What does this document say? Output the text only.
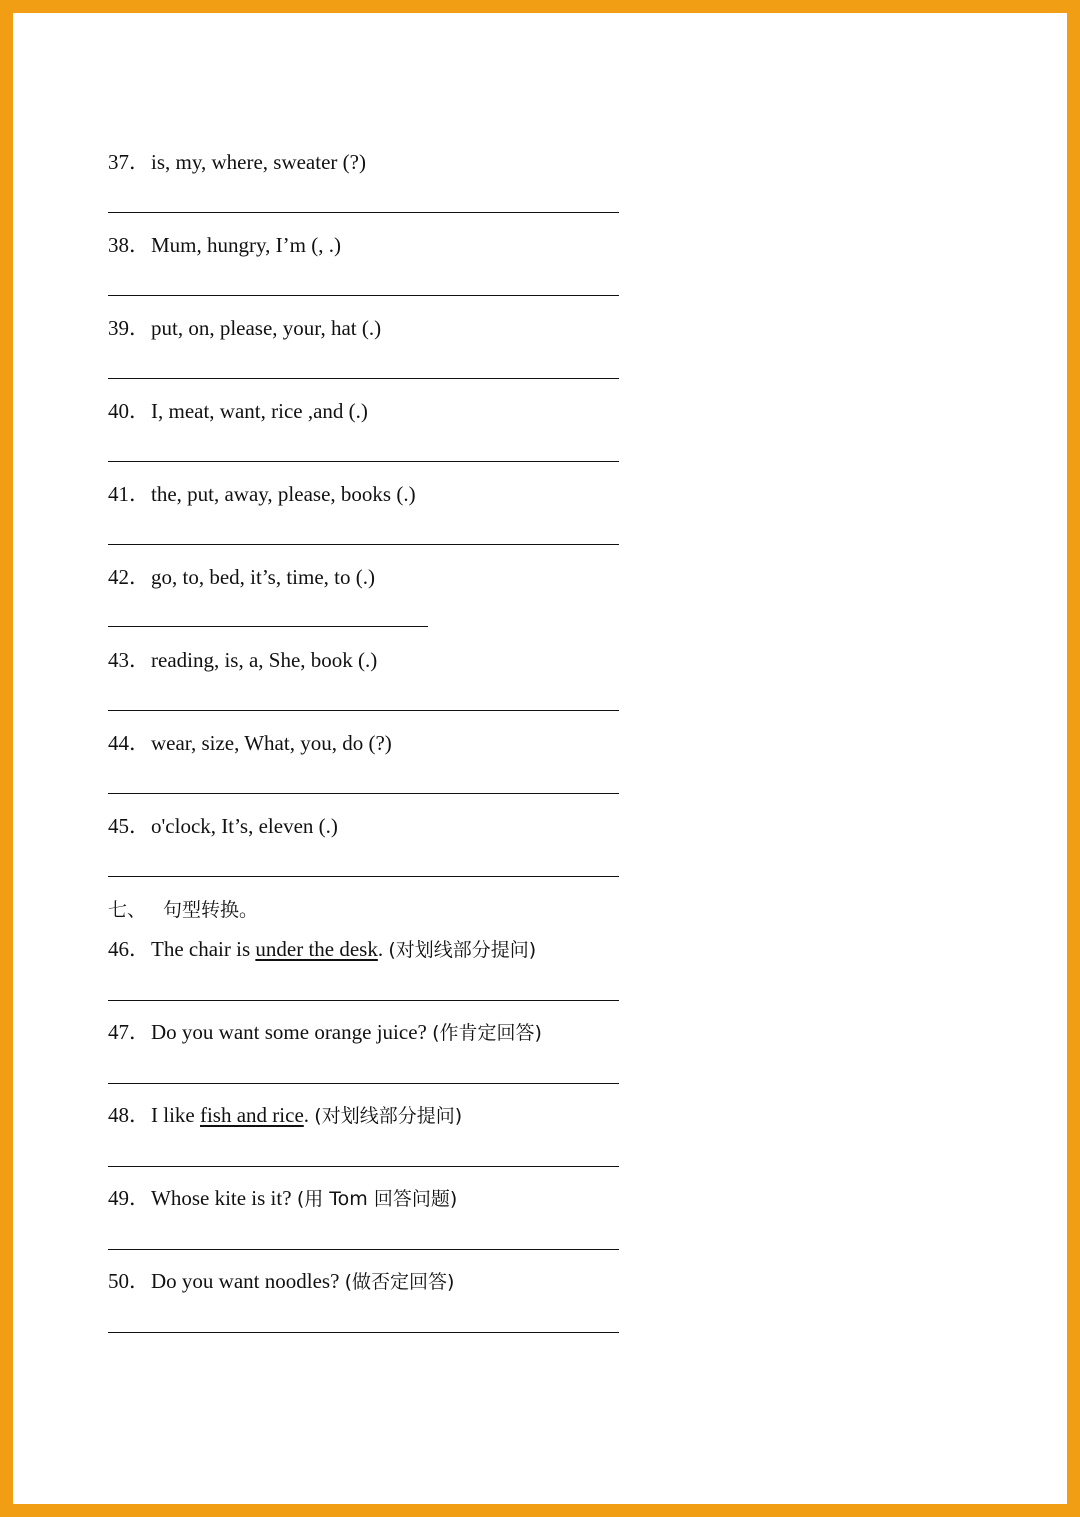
37．is, my, where, sweater (?)
38．Mum, hungry, I’m (, .)
39．put, on, please, your, hat (.)
40．I, meat, want, rice ,and (.)
41．the, put, away, please, books (.)
42．go, to, bed, it’s, time, to (.)
43．reading, is, a, She, book (.)
44．wear, size, What, you, do (?)
45．o'clock, It’s, eleven (.)
七、 句型转换。
46．The chair is under the desk. (对划线部分提问)
47．Do you want some orange juice? (作肯定回答)
48．I like fish and rice. (对划线部分提问)
49．Whose kite is it? (用 Tom 回答问题)
50．Do you want noodles? (做否定回答)
